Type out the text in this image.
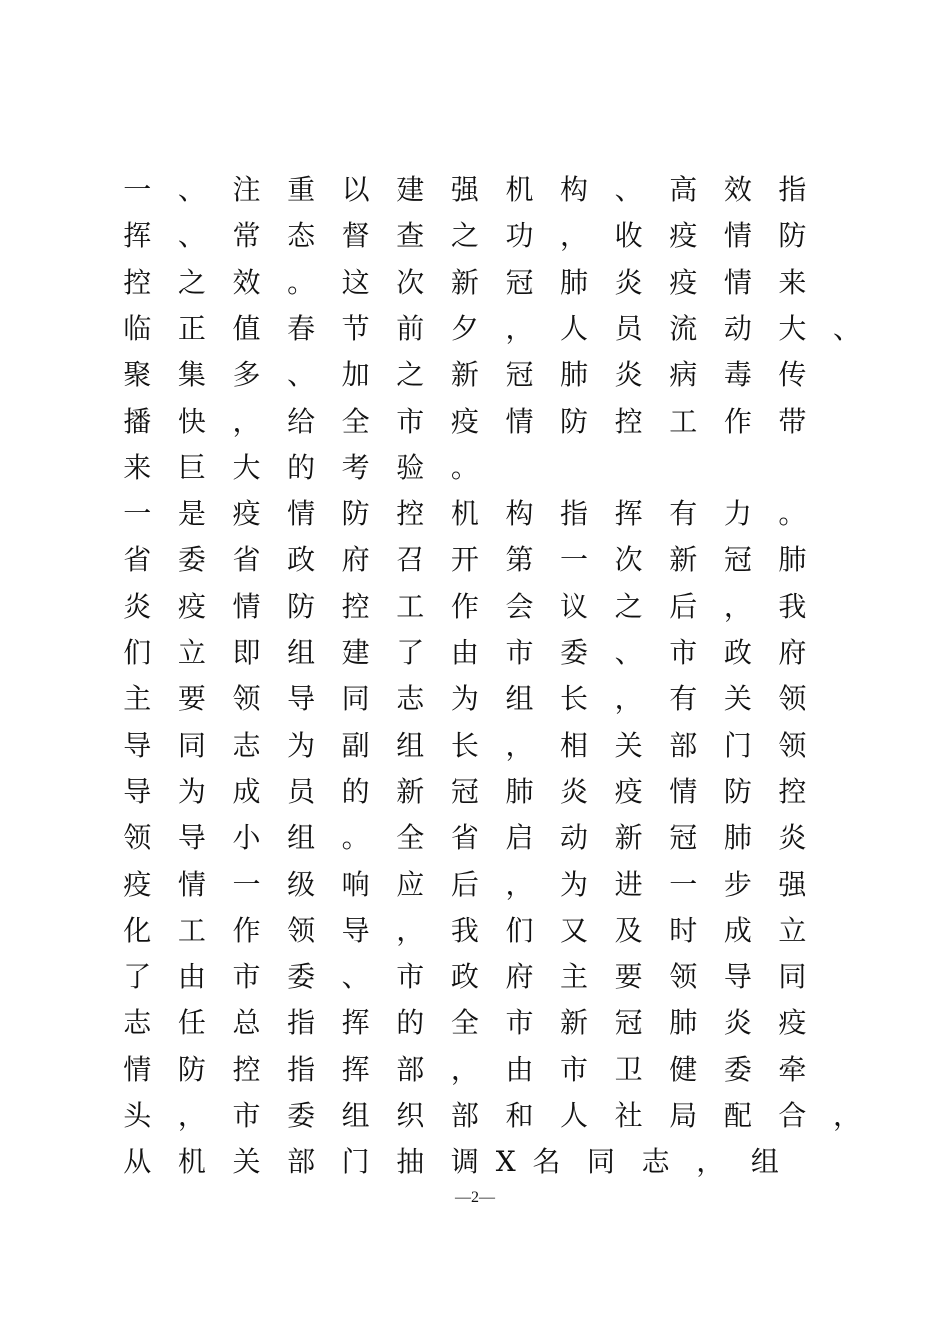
一 、 注 重 以 建 强 机 构 、 高 效 指
挥 、 常 态 督 查 之 功 ， 收 疫 情 防
控 之 效 。 这 次 新 冠 肺 炎 疫 情 来
临 正 值 春 节 前 夕 ， 人 员 流 动 大 、
聚 集 多 、 加 之 新 冠 肺 炎 病 毒 传
播 快 ， 给 全 市 疫 情 防 控 工 作 带
来 巨 大 的 考 验 。
一 是 疫 情 防 控 机 构 指 挥 有 力 。
省 委 省 政 府 召 开 第 一 次 新 冠 肺
炎 疫 情 防 控 工 作 会 议 之 后 ， 我
们 立 即 组 建 了 由 市 委 、 市 政 府
主 要 领 导 同 志 为 组 长 ， 有 关 领
导 同 志 为 副 组 长 ， 相 关 部 门 领
导 为 成 员 的 新 冠 肺 炎 疫 情 防 控
领 导 小 组 。 全 省 启 动 新 冠 肺 炎
疫 情 一 级 响 应 后 ， 为 进 一 步 强
化 工 作 领 导 ， 我 们 又 及 时 成 立
了 由 市 委 、 市 政 府 主 要 领 导 同
志 任 总 指 挥 的 全 市 新 冠 肺 炎 疫
情 防 控 指 挥 部 ， 由 市 卫 健 委 牵
头 ， 市 委 组 织 部 和 人 社 局 配 合 ，
从 机 关 部 门 抽 调 X 名 同 志 ， 组
—2—
